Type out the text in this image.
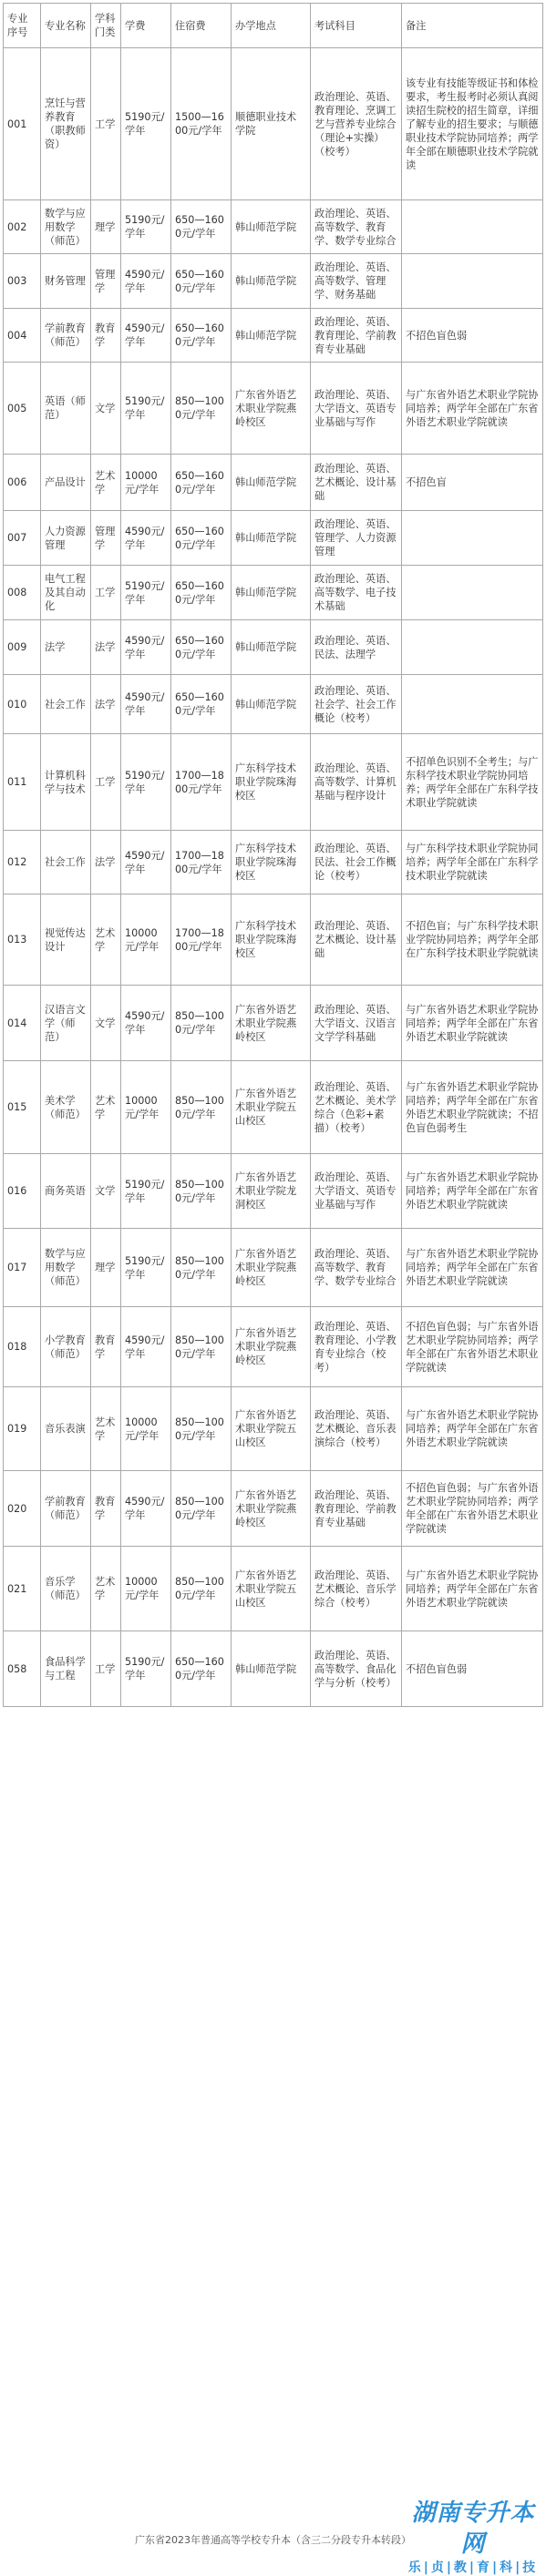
专业序号	专业名称	学科门类	学费	住宿费	办学地点	考试科目	备注
001	烹饪与营养教育（职教师资）	工学	5190元/学年	1500—1600元/学年	顺德职业技术学院	政治理论、英语、教育理论、烹调工艺与营养专业综合（理论+实操）（校考）	该专业有技能等级证书和体检要求，考生报考时必须认真阅读招生院校的招生简章，详细了解专业的招生要求；与顺德职业技术学院协同培养；两学年全部在顺德职业技术学院就读
002	数学与应用数学（师范）	理学	5190元/学年	650—1600元/学年	韩山师范学院	政治理论、英语、高等数学、教育学、数学专业综合	
003	财务管理	管理学	4590元/学年	650—1600元/学年	韩山师范学院	政治理论、英语、高等数学、管理学、财务基础	
004	学前教育（师范）	教育学	4590元/学年	650—1600元/学年	韩山师范学院	政治理论、英语、教育理论、学前教育专业基础	不招色盲色弱
005	英语（师范）	文学	5190元/学年	850—1000元/学年	广东省外语艺术职业学院燕岭校区	政治理论、英语、大学语文、英语专业基础与写作	与广东省外语艺术职业学院协同培养；两学年全部在广东省外语艺术职业学院就读
006	产品设计	艺术学	10000元/学年	650—1600元/学年	韩山师范学院	政治理论、英语、艺术概论、设计基础	不招色盲
007	人力资源管理	管理学	4590元/学年	650—1600元/学年	韩山师范学院	政治理论、英语、管理学、人力资源管理	
008	电气工程及其自动化	工学	5190元/学年	650—1600元/学年	韩山师范学院	政治理论、英语、高等数学、电子技术基础	
009	法学	法学	4590元/学年	650—1600元/学年	韩山师范学院	政治理论、英语、民法、法理学	
010	社会工作	法学	4590元/学年	650—1600元/学年	韩山师范学院	政治理论、英语、社会学、社会工作概论（校考）	
011	计算机科学与技术	工学	5190元/学年	1700—1800元/学年	广东科学技术职业学院珠海校区	政治理论、英语、高等数学、计算机基础与程序设计	不招单色识别不全考生；与广东科学技术职业学院协同培养；两学年全部在广东科学技术职业学院就读
012	社会工作	法学	4590元/学年	1700—1800元/学年	广东科学技术职业学院珠海校区	政治理论、英语、民法、社会工作概论（校考）	与广东科学技术职业学院协同培养；两学年全部在广东科学技术职业学院就读
013	视觉传达设计	艺术学	10000元/学年	1700—1800元/学年	广东科学技术职业学院珠海校区	政治理论、英语、艺术概论、设计基础	不招色盲；与广东科学技术职业学院协同培养；两学年全部在广东科学技术职业学院就读
014	汉语言文学（师范）	文学	4590元/学年	850—1000元/学年	广东省外语艺术职业学院燕岭校区	政治理论、英语、大学语文、汉语言文学学科基础	与广东省外语艺术职业学院协同培养；两学年全部在广东省外语艺术职业学院就读
015	美术学（师范）	艺术学	10000元/学年	850—1000元/学年	广东省外语艺术职业学院五山校区	政治理论、英语、艺术概论、美术学综合（色彩+素描）（校考）	与广东省外语艺术职业学院协同培养；两学年全部在广东省外语艺术职业学院就读；不招色盲色弱考生
016	商务英语	文学	5190元/学年	850—1000元/学年	广东省外语艺术职业学院龙洞校区	政治理论、英语、大学语文、英语专业基础与写作	与广东省外语艺术职业学院协同培养；两学年全部在广东省外语艺术职业学院就读
017	数学与应用数学（师范）	理学	5190元/学年	850—1000元/学年	广东省外语艺术职业学院燕岭校区	政治理论、英语、高等数学、教育学、数学专业综合	与广东省外语艺术职业学院协同培养；两学年全部在广东省外语艺术职业学院就读
018	小学教育（师范）	教育学	4590元/学年	850—1000元/学年	广东省外语艺术职业学院燕岭校区	政治理论、英语、教育理论、小学教育专业综合（校考）	不招色盲色弱；与广东省外语艺术职业学院协同培养；两学年全部在广东省外语艺术职业学院就读
019	音乐表演	艺术学	10000元/学年	850—1000元/学年	广东省外语艺术职业学院五山校区	政治理论、英语、艺术概论、音乐表演综合（校考）	与广东省外语艺术职业学院协同培养；两学年全部在广东省外语艺术职业学院就读
020	学前教育（师范）	教育学	4590元/学年	850—1000元/学年	广东省外语艺术职业学院燕岭校区	政治理论、英语、教育理论、学前教育专业基础	不招色盲色弱；与广东省外语艺术职业学院协同培养；两学年全部在广东省外语艺术职业学院就读
021	音乐学（师范）	艺术学	10000元/学年	850—1000元/学年	广东省外语艺术职业学院五山校区	政治理论、英语、艺术概论、音乐学综合（校考）	与广东省外语艺术职业学院协同培养；两学年全部在广东省外语艺术职业学院就读
058	食品科学与工程	工学	5190元/学年	650—1600元/学年	韩山师范学院	政治理论、英语、高等数学、食品化学与分析（校考）	不招色盲色弱
湖南专升本网
乐|贞|教|育|科|技
广东省2023年普通高等学校专升本（含三二分段专升本转段）
